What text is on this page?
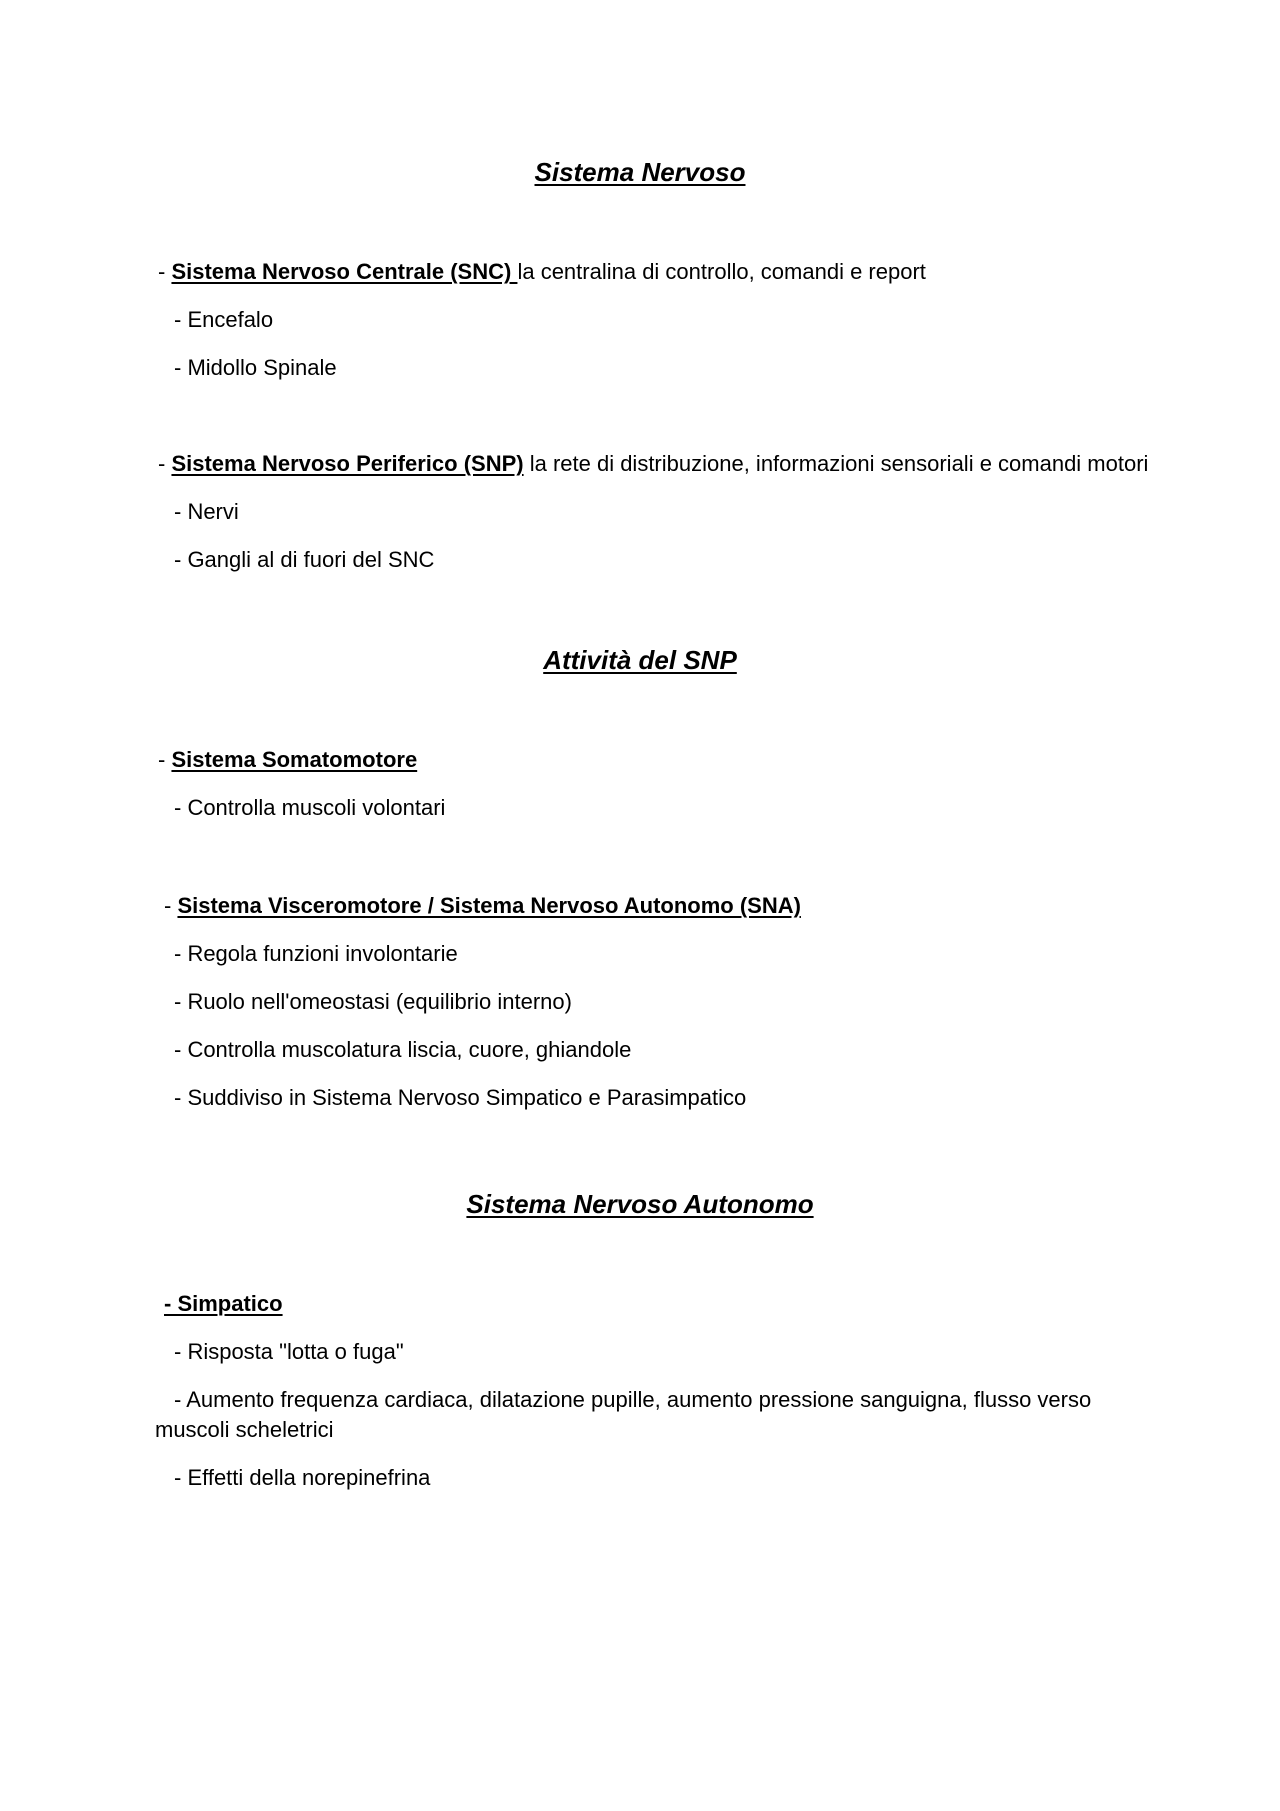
Sistema Nervoso
- Sistema Nervoso Centrale (SNC) la centralina di controllo, comandi e report
- Encefalo
- Midollo Spinale
- Sistema Nervoso Periferico (SNP) la rete di distribuzione, informazioni sensoriali e comandi motori
- Nervi
- Gangli al di fuori del SNC
Attività del SNP
- Sistema Somatomotore
- Controlla muscoli volontari
- Sistema Visceromotore / Sistema Nervoso Autonomo (SNA)
- Regola funzioni involontarie
- Ruolo nell'omeostasi (equilibrio interno)
- Controlla muscolatura liscia, cuore, ghiandole
- Suddiviso in Sistema Nervoso Simpatico e Parasimpatico
Sistema Nervoso Autonomo
- Simpatico
- Risposta "lotta o fuga"
- Aumento frequenza cardiaca, dilatazione pupille, aumento pressione sanguigna, flusso verso muscoli scheletrici
- Effetti della norepinefrina
